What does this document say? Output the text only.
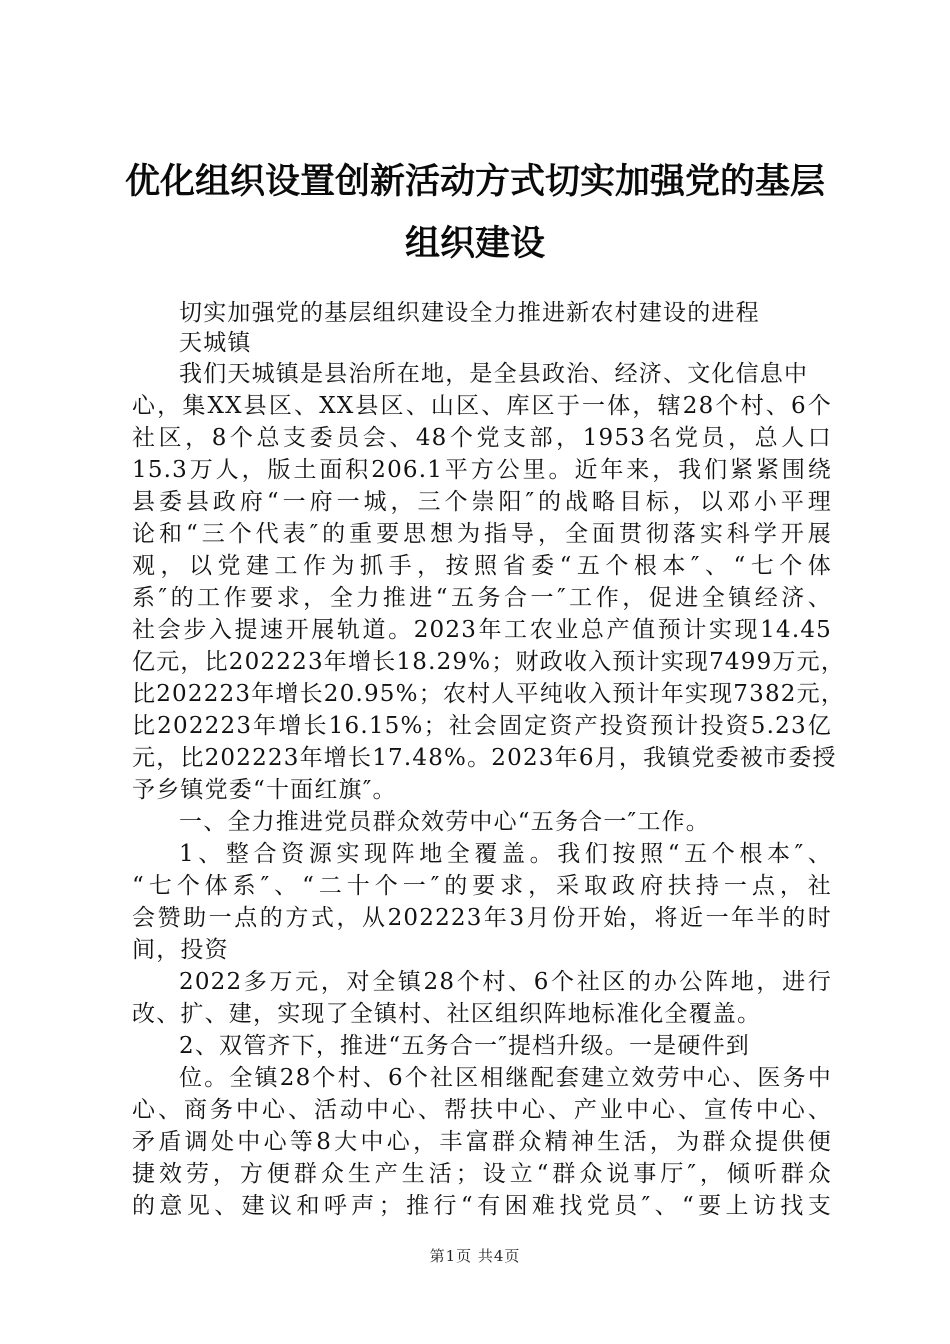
优化组织设置创新活动方式切实加强党的基层
组织建设
切实加强党的基层组织建设全力推进新农村建设的进程
天城镇
我们天城镇是县治所在地，是全县政治、经济、文化信息中
心，集XX县区、XX县区、山区、库区于一体，辖28个村、6个
社区，8个总支委员会、48个党支部，1953名党员，总人口
15.3万人，版土面积206.1平方公里。近年来，我们紧紧围绕
县委县政府“一府一城，三个崇阳″的战略目标，以邓小平理
论和“三个代表″的重要思想为指导，全面贯彻落实科学开展
观，以党建工作为抓手，按照省委“五个根本″、“七个体
系″的工作要求，全力推进“五务合一″工作，促进全镇经济、
社会步入提速开展轨道。2023年工农业总产值预计实现14.45
亿元，比202223年增长18.29%；财政收入预计实现7499万元，
比202223年增长20.95%；农村人平纯收入预计年实现7382元，
比202223年增长16.15%；社会固定资产投资预计投资5.23亿
元，比202223年增长17.48%。2023年6月，我镇党委被市委授
予乡镇党委“十面红旗″。
一、全力推进党员群众效劳中心“五务合一″工作。
1、整合资源实现阵地全覆盖。我们按照“五个根本″、
“七个体系″、“二十个一″的要求，采取政府扶持一点，社
会赞助一点的方式，从202223年3月份开始，将近一年半的时
间，投资
2022多万元，对全镇28个村、6个社区的办公阵地，进行
改、扩、建，实现了全镇村、社区组织阵地标准化全覆盖。
2、双管齐下，推进“五务合一″提档升级。一是硬件到
位。全镇28个村、6个社区相继配套建立效劳中心、医务中
心、商务中心、活动中心、帮扶中心、产业中心、宣传中心、
矛盾调处中心等8大中心，丰富群众精神生活，为群众提供便
捷效劳，方便群众生产生活；设立“群众说事厅″，倾听群众
的意见、建议和呼声；推行“有困难找党员″、“要上访找支
第1页 共4页
